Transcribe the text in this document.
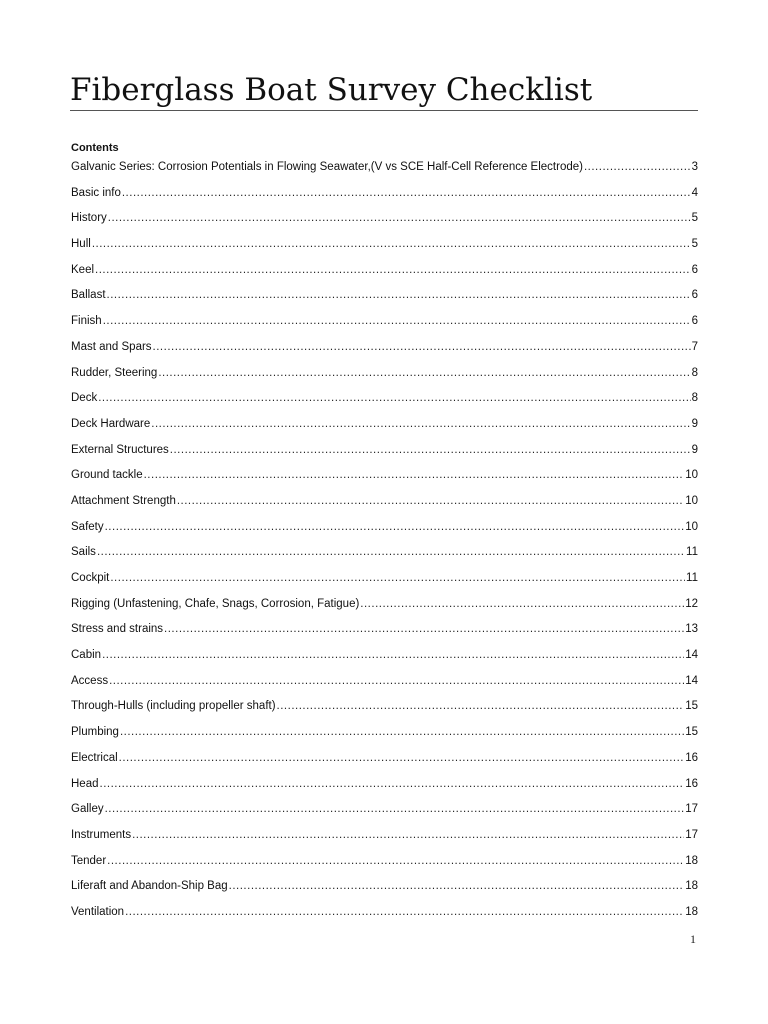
Fiberglass Boat Survey Checklist
Contents
Galvanic Series: Corrosion Potentials in Flowing Seawater,(V vs SCE Half-Cell Reference Electrode) .....	3
Basic info .....	4
History .....	5
Hull .....	5
Keel .....	6
Ballast .....	6
Finish .....	6
Mast and Spars .....	7
Rudder, Steering .....	8
Deck .....	8
Deck Hardware .....	9
External Structures .....	9
Ground tackle .....	10
Attachment Strength .....	10
Safety .....	10
Sails .....	11
Cockpit .....	11
Rigging (Unfastening, Chafe, Snags, Corrosion, Fatigue) .....	12
Stress and strains .....	13
Cabin .....	14
Access .....	14
Through-Hulls (including propeller shaft) .....	15
Plumbing .....	15
Electrical .....	16
Head .....	16
Galley .....	17
Instruments .....	17
Tender .....	18
Liferaft and Abandon-Ship Bag .....	18
Ventilation .....	18
1
